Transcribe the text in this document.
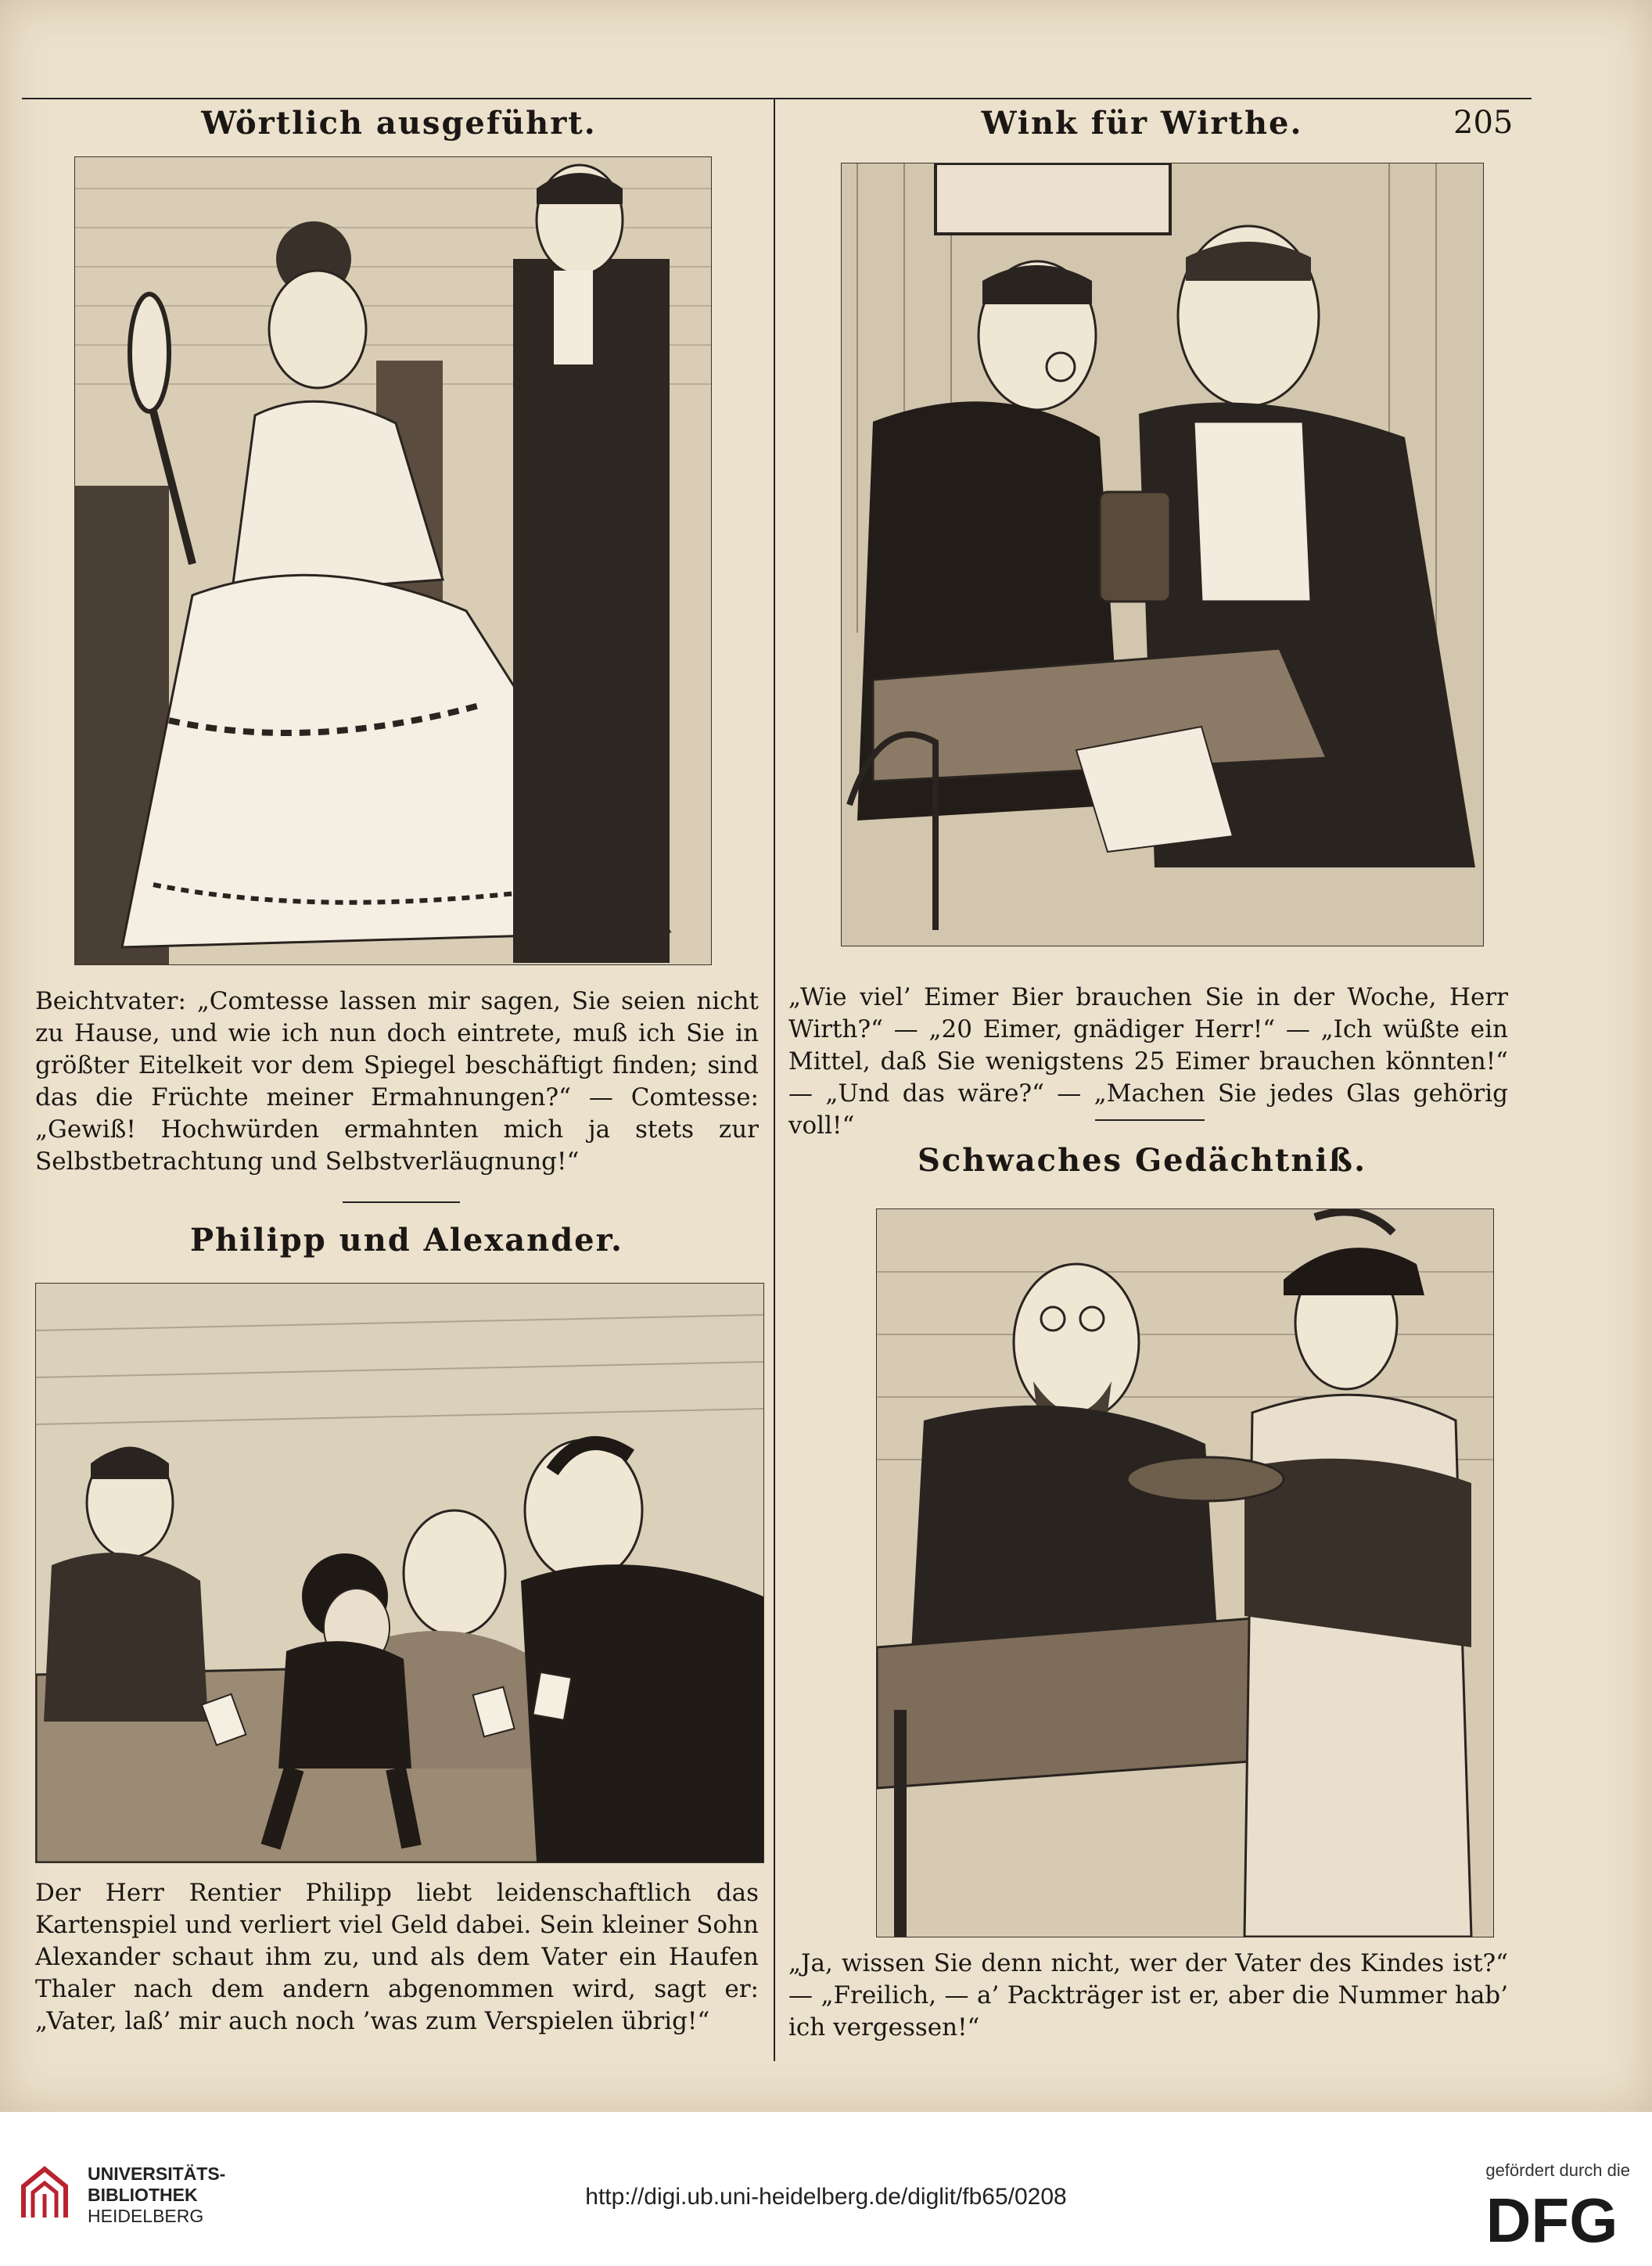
Wörtlich ausgeführt.	Wink für Wirthe.	205

Beichtvater: „Comtesse lassen mir sagen, Sie seien nicht zu Hause, und wie ich nun doch eintrete, muß ich Sie in größter Eitelkeit vor dem Spiegel beschäftigt finden; sind das die Früchte meiner Ermahnungen?“ — Comtesse: „Gewiß! Hochwürden ermahnten mich ja stets zur Selbstbetrachtung und Selbstverläugnung!“

„Wie viel’ Eimer Bier brauchen Sie in der Woche, Herr Wirth?“ — „20 Eimer, gnädiger Herr!“ — „Ich wüßte ein Mittel, daß Sie wenigstens 25 Eimer brauchen könnten!“ — „Und das wäre?“ — „Machen Sie jedes Glas gehörig voll!“

Philipp und Alexander.
Schwaches Gedächtniß.

Der Herr Rentier Philipp liebt leidenschaftlich das Kartenspiel und verliert viel Geld dabei. Sein kleiner Sohn Alexander schaut ihm zu, und als dem Vater ein Haufen Thaler nach dem andern abgenommen wird, sagt er: „Vater, laß’ mir auch noch ’was zum Verspielen übrig!“

„Ja, wissen Sie denn nicht, wer der Vater des Kindes ist?“ — „Freilich, — a’ Packträger ist er, aber die Nummer hab’ ich vergessen!“

UNIVERSITÄTS-
BIBLIOTHEK
HEIDELBERG
http://digi.ub.uni-heidelberg.de/diglit/fb65/0208
gefördert durch die
DFG
